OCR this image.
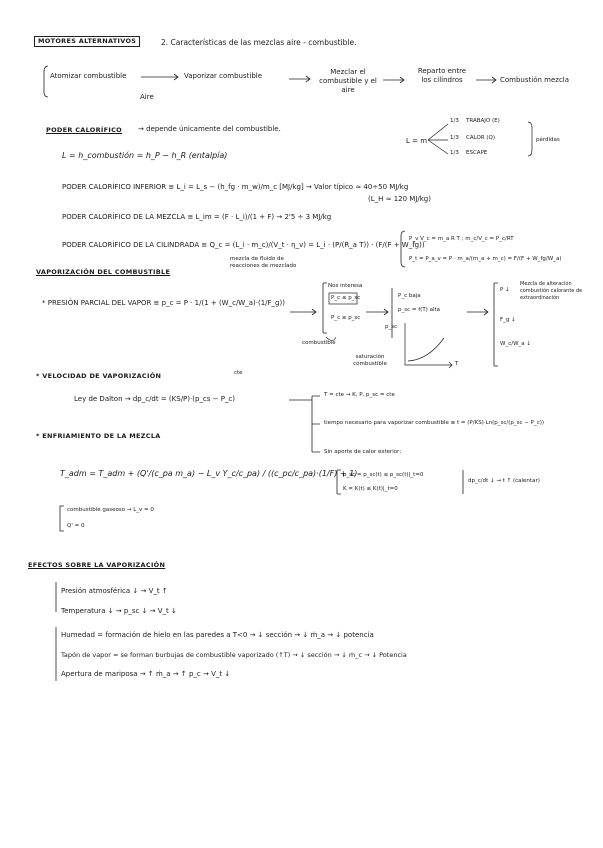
MOTORES ALTERNATIVOS	2. Características de las mezclas aire - combustible.
Atomizar combustible
Aire
Vaporizar combustible	Mezclar el combustible y el aire
Reparto entre los cilindros	Combustión mezcla
PODER CALORÍFICO → depende únicamente del combustible.
L = h_combustión = h_P − h_R (entalpía)
L = m
1/3
1/3
1/3
TRABAJO (E)
CALOR (Q)
ESCAPE
pérdidas
PODER CALORÍFICO INFERIOR ≡ L_i = L_s − (h_fg · m_w)/m_c [MJ/kg] → Valor típico ≈ 40÷50 MJ/kg
(L_H ≈ 120 MJ/kg)
PODER CALORÍFICO DE LA MEZCLA ≡ L_im = (F · L_i)/(1 + F) → 2'5 ÷ 3 MJ/kg
PODER CALORÍFICO DE LA CILINDRADA ≡ Q_c = (L_i · m_c)/(V_t · η_v) = L_i · (P/(R_a T)) · (F/(F + W_fg))
mezcla de fluido de reacciones de mezclado
P_v V_c = m_a R T ; m_c/V_c = P_c/RT
P_t = P_a_v = P · m_a/(m_a + m_c) = F/(F + W_fg/W_a)
VAPORIZACIÓN DEL COMBUSTIBLE
* PRESIÓN PARCIAL DEL VAPOR ≡ p_c = P · 1/(1 + (W_c/W_a)·(1/F_g))
Nos interesa
P_c ≤ p_sc
P_c ≥ p_sc
combustible
saturación combustible
P_c baja
p_sc = f(T) alta
p_sc
T
P ↓
Mezcla de alteración combustión calorante de extraordinación
F_g ↓
W_c/W_a ↓
* VELOCIDAD DE VAPORIZACIÓN	cte
Ley de Dalton → dp_c/dt = (KS/P)·(p_cs − P_c)	T = cte → K, P, p_sc = cte
tiempo necesario para vaporizar combustible ≡ t = (P/KS)·Ln(p_sc/(p_sc − P_c))
Sin aporte de calor exterior:
p_sc = p_sc(t) ≤ p_sc(t)|_t=0
K = K(t) ≤ K(t)|_t=0
dp_c/dt ↓ → t ↑ (calentar)
* ENFRIAMIENTO DE LA MEZCLA
T_adm = T_adm + (Q'/(c_pa m_a) − L_v Y_c/c_pa) / ((c_pc/c_pa)·(1/F) + 1)
combustible gaseoso → L_v = 0
Q' = 0
EFECTOS SOBRE LA VAPORIZACIÓN
Presión atmosférica ↓ → V_t ↑
Temperatura ↓ → p_sc ↓ → V_t ↓
Humedad = formación de hielo en las paredes a T<0 → ↓ sección → ↓ ṁ_a → ↓ potencia
Tapón de vapor = se forman burbujas de combustible vaporizado (↑T) → ↓ sección → ↓ ṁ_c → ↓ Potencia
Apertura de mariposa → ↑ ṁ_a → ↑ p_c → V_t ↓
